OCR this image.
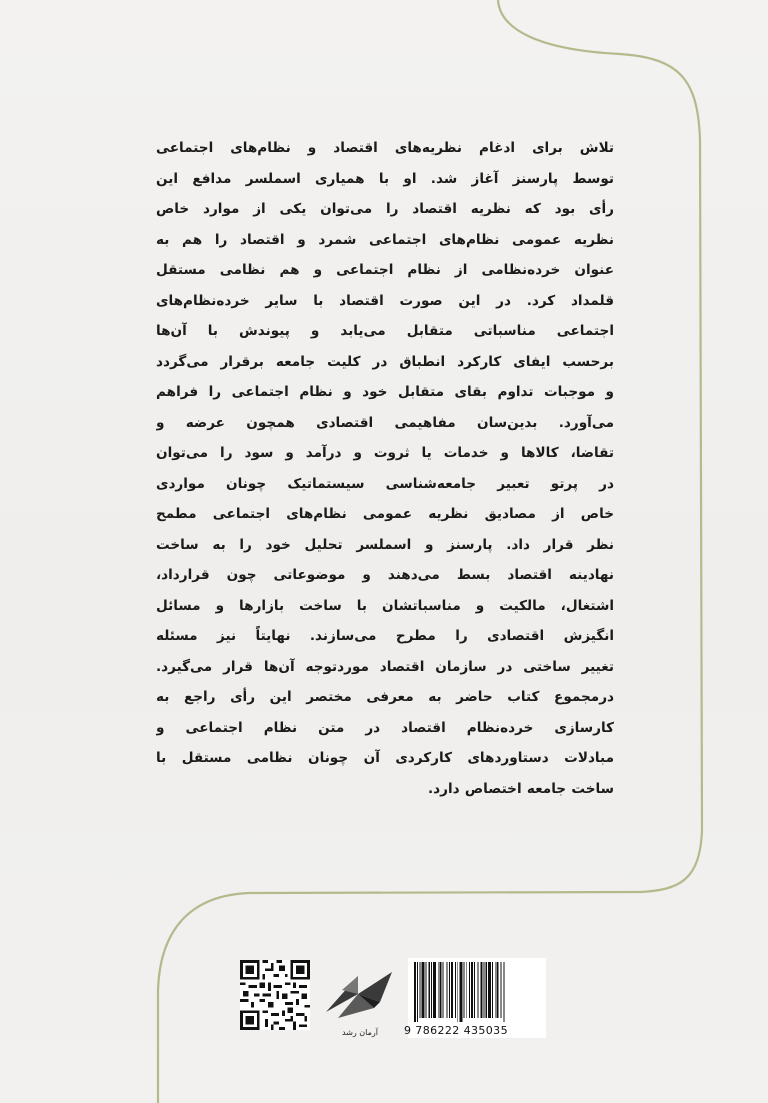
تلاش برای ادغام نظریه‌های اقتصاد و نظام‌های اجتماعی
توسط پارسنز آغاز شد. او با همیاری اسملسر مدافع این
رأی بود که نظریه اقتصاد را می‌توان یکی از موارد خاص
نظریه عمومی نظام‌های اجتماعی شمرد و اقتصاد را هم به
عنوان خرده‌نظامی از نظام اجتماعی و هم نظامی مستقل
قلمداد کرد. در این صورت اقتصاد با سایر خرده‌نظام‌های
اجتماعی مناسباتی متقابل می‌یابد و پیوندش با آن‌ها
برحسب ایفای کارکرد انطباق در کلیت جامعه برقرار می‌گردد
و موجبات تداوم بقای متقابل خود و نظام اجتماعی را فراهم
می‌آورد. بدین‌سان مفاهیمی اقتصادی همچون عرضه و
تقاضا، کالاها و خدمات یا ثروت و درآمد و سود را می‌توان
در پرتو تعبیر جامعه‌شناسی سیستماتیک چونان مواردی
خاص از مصادیق نظریه عمومی نظام‌های اجتماعی مطمح
نظر قرار داد. پارسنز و اسملسر تحلیل خود را به ساخت
نهادینه اقتصاد بسط می‌دهند و موضوعاتی چون قرارداد،
اشتغال، مالکیت و مناسباتشان با ساخت بازارها و مسائل
انگیزش اقتصادی را مطرح می‌سازند. نهایتاً نیز مسئله
تغییر ساختی در سازمان اقتصاد موردتوجه آن‌ها قرار می‌گیرد.
درمجموع کتاب حاضر به معرفی مختصر این رأی راجع به
کارسازی خرده‌نظام اقتصاد در متن نظام اجتماعی و
مبادلات دستاوردهای کارکردی آن چونان نظامی مستقل با
ساخت جامعه اختصاص دارد.
آرمان رشد	9 786222 435035
